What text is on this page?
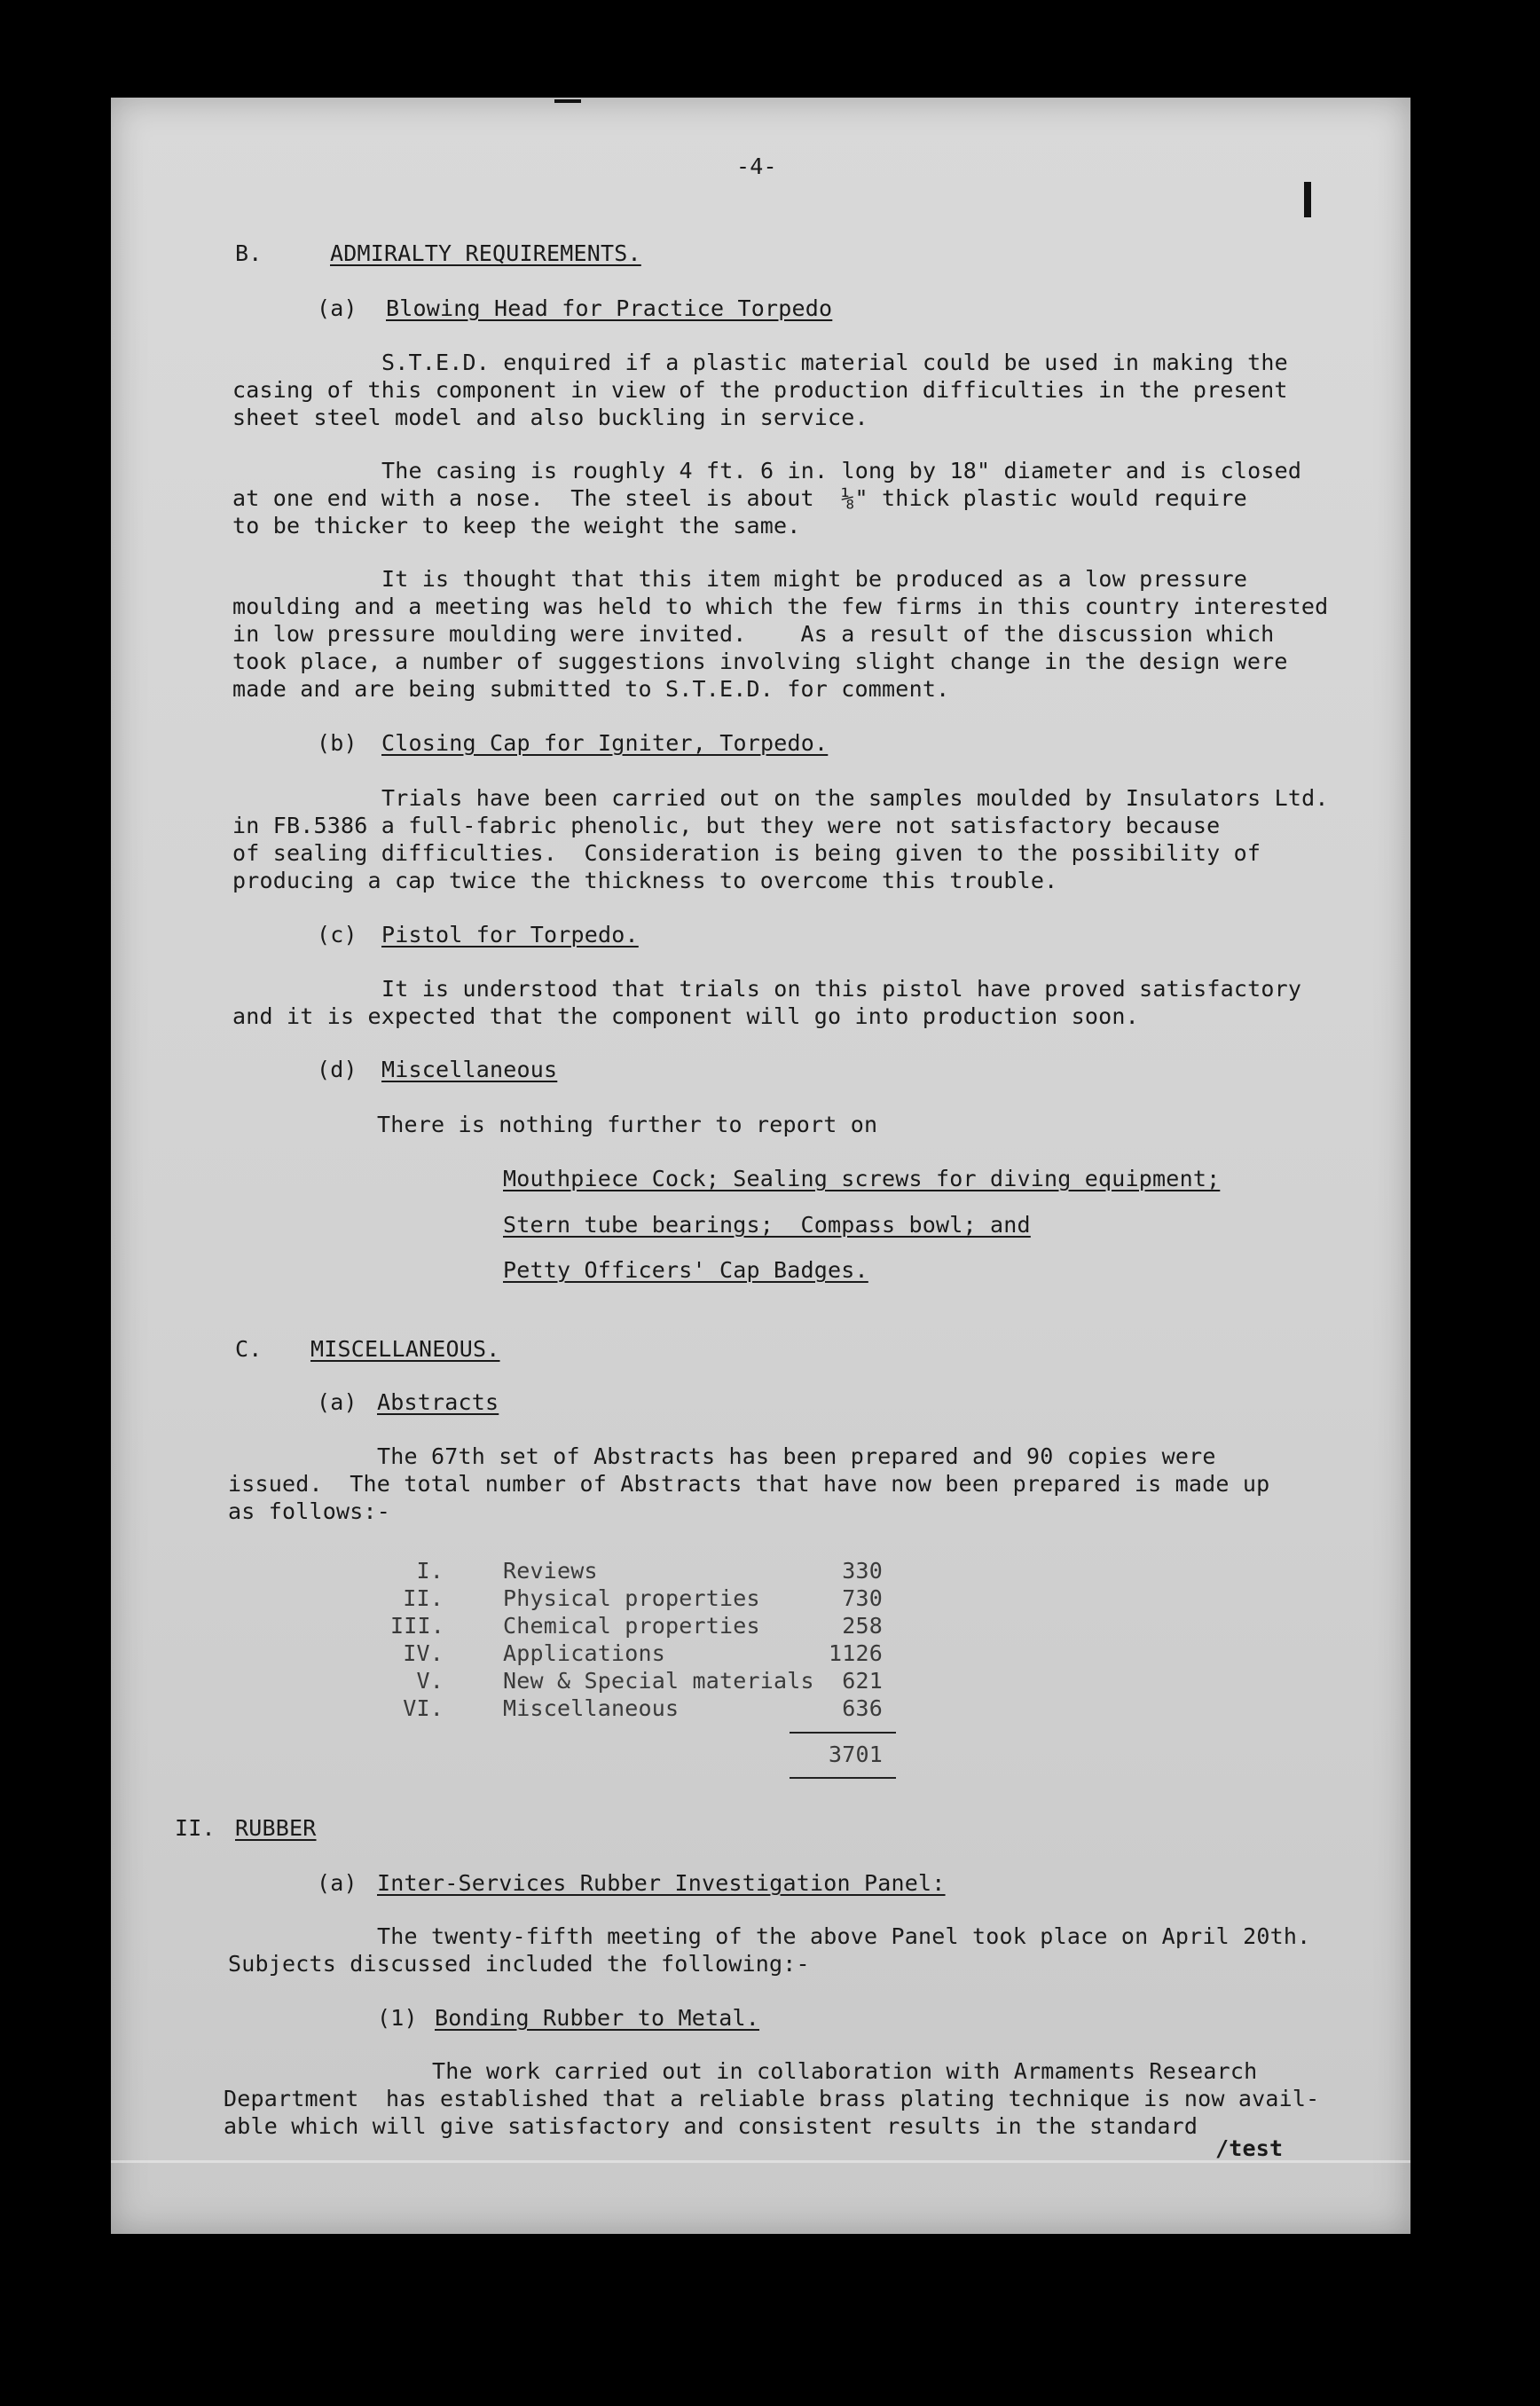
-4-
B.	ADMIRALTY REQUIREMENTS.
(a) Blowing Head for Practice Torpedo
S.T.E.D. enquired if a plastic material could be used in making the
casing of this component in view of the production difficulties in the present
sheet steel model and also buckling in service.
The casing is roughly 4 ft. 6 in. long by 18" diameter and is closed
at one end with a nose.  The steel is about  ⅛" thick plastic would require
to be thicker to keep the weight the same.
It is thought that this item might be produced as a low pressure
moulding and a meeting was held to which the few firms in this country interested
in low pressure moulding were invited.    As a result of the discussion which
took place, a number of suggestions involving slight change in the design were
made and are being submitted to S.T.E.D. for comment.
(b) Closing Cap for Igniter, Torpedo.
Trials have been carried out on the samples moulded by Insulators Ltd.
in FB.5386 a full-fabric phenolic, but they were not satisfactory because
of sealing difficulties.  Consideration is being given to the possibility of
producing a cap twice the thickness to overcome this trouble.
(c) Pistol for Torpedo.
It is understood that trials on this pistol have proved satisfactory
and it is expected that the component will go into production soon.
(d) Miscellaneous
There is nothing further to report on
Mouthpiece Cock; Sealing screws for diving equipment;
Stern tube bearings;  Compass bowl; and
Petty Officers' Cap Badges.
C. MISCELLANEOUS.
(a) Abstracts
The 67th set of Abstracts has been prepared and 90 copies were
issued.  The total number of Abstracts that have now been prepared is made up
as follows:-
I.	Reviews	330
II.	Physical properties	730
III.	Chemical properties	258
IV.	Applications	1126
V.	New & Special materials	621
VI.	Miscellaneous	636
3701
II. RUBBER
(a) Inter-Services Rubber Investigation Panel:
The twenty-fifth meeting of the above Panel took place on April 20th.
Subjects discussed included the following:-
(1) Bonding Rubber to Metal.
The work carried out in collaboration with Armaments Research
Department  has established that a reliable brass plating technique is now avail-
able which will give satisfactory and consistent results in the standard
/test
